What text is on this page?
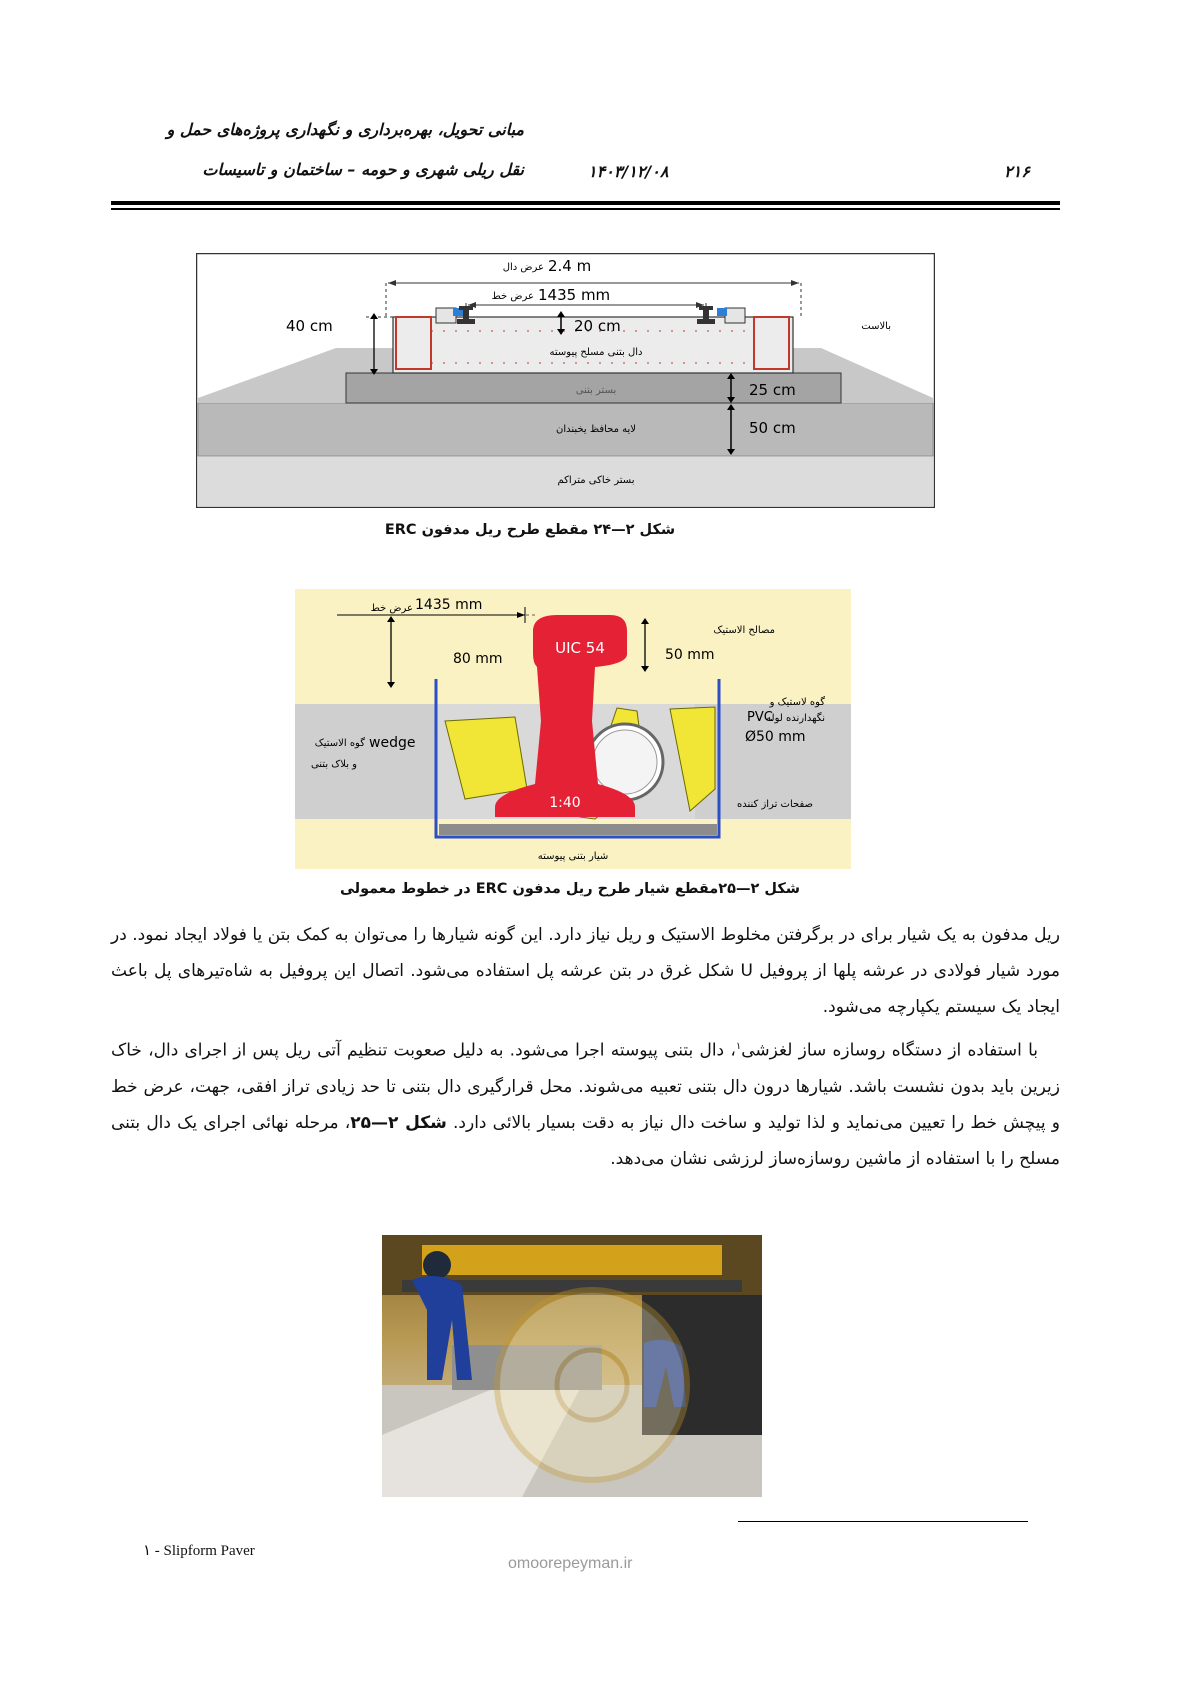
مبانی تحویل، بهره‌برداری و نگهداری پروژه‌های حمل و
نقل ریلی شهری و حومه – ساختمان و تاسیسات	۱۴۰۳/۱۲/۰۸	۲۱۶
عرض دال 2.4 m
عرض خط 1435 mm
20 cm
40 cm	بالاست
دال بتنی مسلح پیوسته
بستر بتنی	25 cm
لایه محافظ یخبندان	50 cm
بستر خاکی متراکم
شکل ۲—۲۴ مقطع طرح ریل مدفون ERC
1435 mm
عرض خط
UIC 54
80 mm	50 mm
مصالح الاستیک
گوه لاستیک و
نگهدارنده لوله
PVC
Ø50 mm
wedge
گوه الاستیک
و بلاک بتنی
1:40	صفحات تراز کننده
شیار بتنی پیوسته
شکل ۲—۲۵مقطع شیار طرح ریل مدفون ERC در خطوط معمولی

ریل مدفون به یک شیار برای در برگرفتن مخلوط الاستیک و ریل نیاز دارد. این گونه شیارها را می‌توان به کمک بتن یا فولاد ایجاد نمود. در مورد شیار فولادی در عرشه پلها از پروفیل U شکل غرق در بتن عرشه پل استفاده می‌شود. اتصال این پروفیل به شاه‌تیرهای پل باعث ایجاد یک سیستم یکپارچه می‌شود.

با استفاده از دستگاه روسازه ساز لغزشی$^۱$، دال بتنی پیوسته اجرا می‌شود. به دلیل صعوبت تنظیم آتی ریل پس از اجرای دال، خاک زیرین باید بدون نشست باشد. شیارها درون دال بتنی تعبیه می‌شوند. محل قرارگیری دال بتنی تا حد زیادی تراز افقی، جهت، عرض خط و پیچش خط را تعیین می‌نماید و لذا تولید و ساخت دال نیاز به دقت بسیار بالائی دارد. شکل ۲—۲۵، مرحله نهائی اجرای یک دال بتنی مسلح را با استفاده از ماشین روسازه‌ساز لرزشی نشان می‌دهد.

۱ - Slipform Paver
omoorepeyman.ir
